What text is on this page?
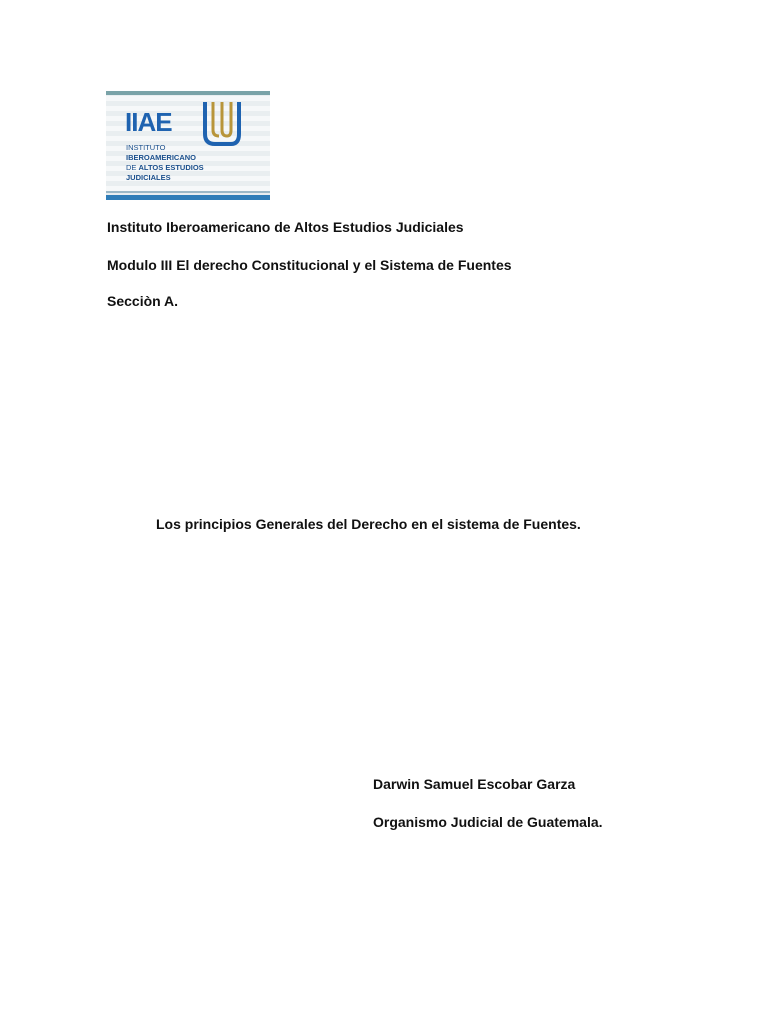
IIAE
INSTITUTO
IBEROAMERICANO
DE ALTOS ESTUDIOS
JUDICIALES
Instituto Iberoamericano de Altos Estudios Judiciales
Modulo III El derecho Constitucional y el Sistema de Fuentes
Secciòn A.
Los principios Generales del Derecho en el sistema de Fuentes.
Darwin Samuel Escobar Garza
Organismo Judicial de Guatemala.
